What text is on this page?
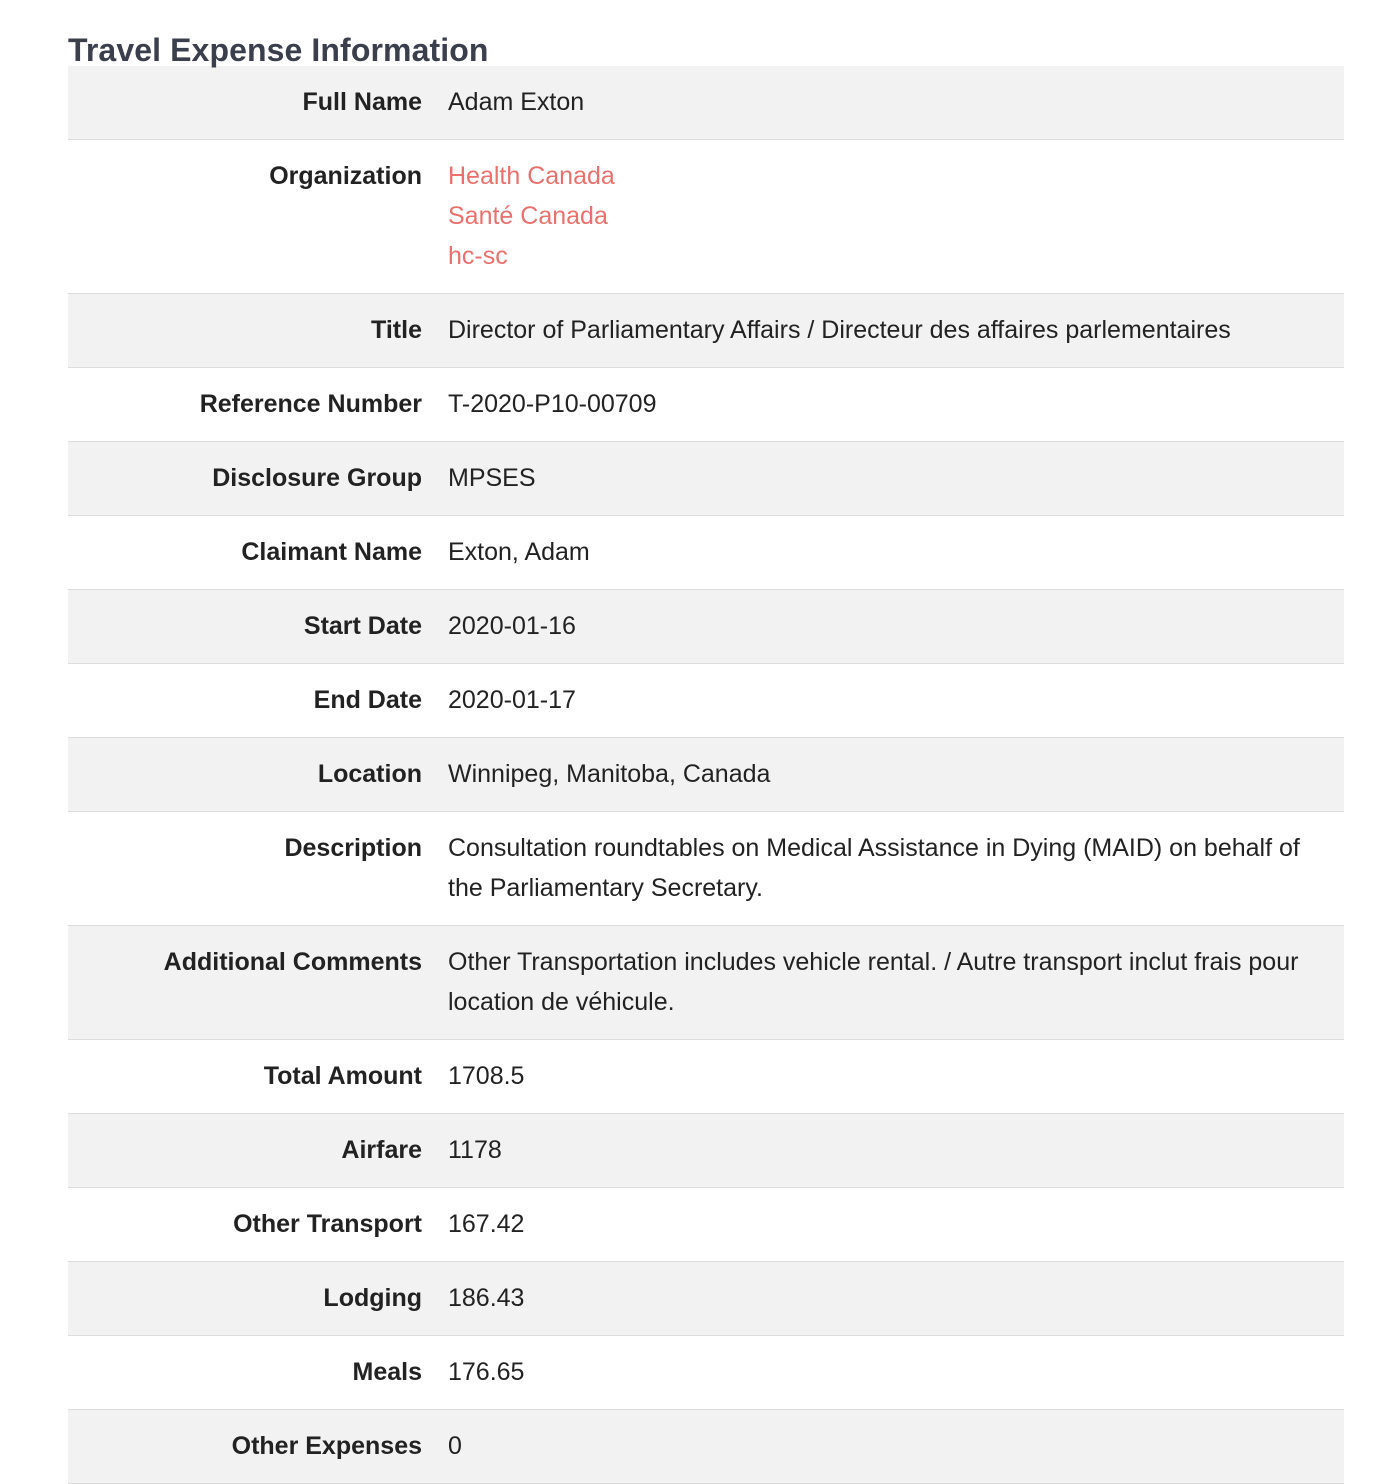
Travel Expense Information
Full Name	Adam Exton
Organization	Health Canada
Santé Canada
hc-sc

Title	Director of Parliamentary Affairs / Directeur des affaires parlementaires
Reference Number	T-2020-P10-00709
Disclosure Group	MPSES
Claimant Name	Exton, Adam
Start Date	2020-01-16
End Date	2020-01-17
Location	Winnipeg, Manitoba, Canada
Description	Consultation roundtables on Medical Assistance in Dying (MAID) on behalf of the Parliamentary Secretary.
Additional Comments	Other Transportation includes vehicle rental. / Autre transport inclut frais pour location de véhicule.
Total Amount	1708.5
Airfare	1178
Other Transport	167.42
Lodging	186.43
Meals	176.65
Other Expenses	0
